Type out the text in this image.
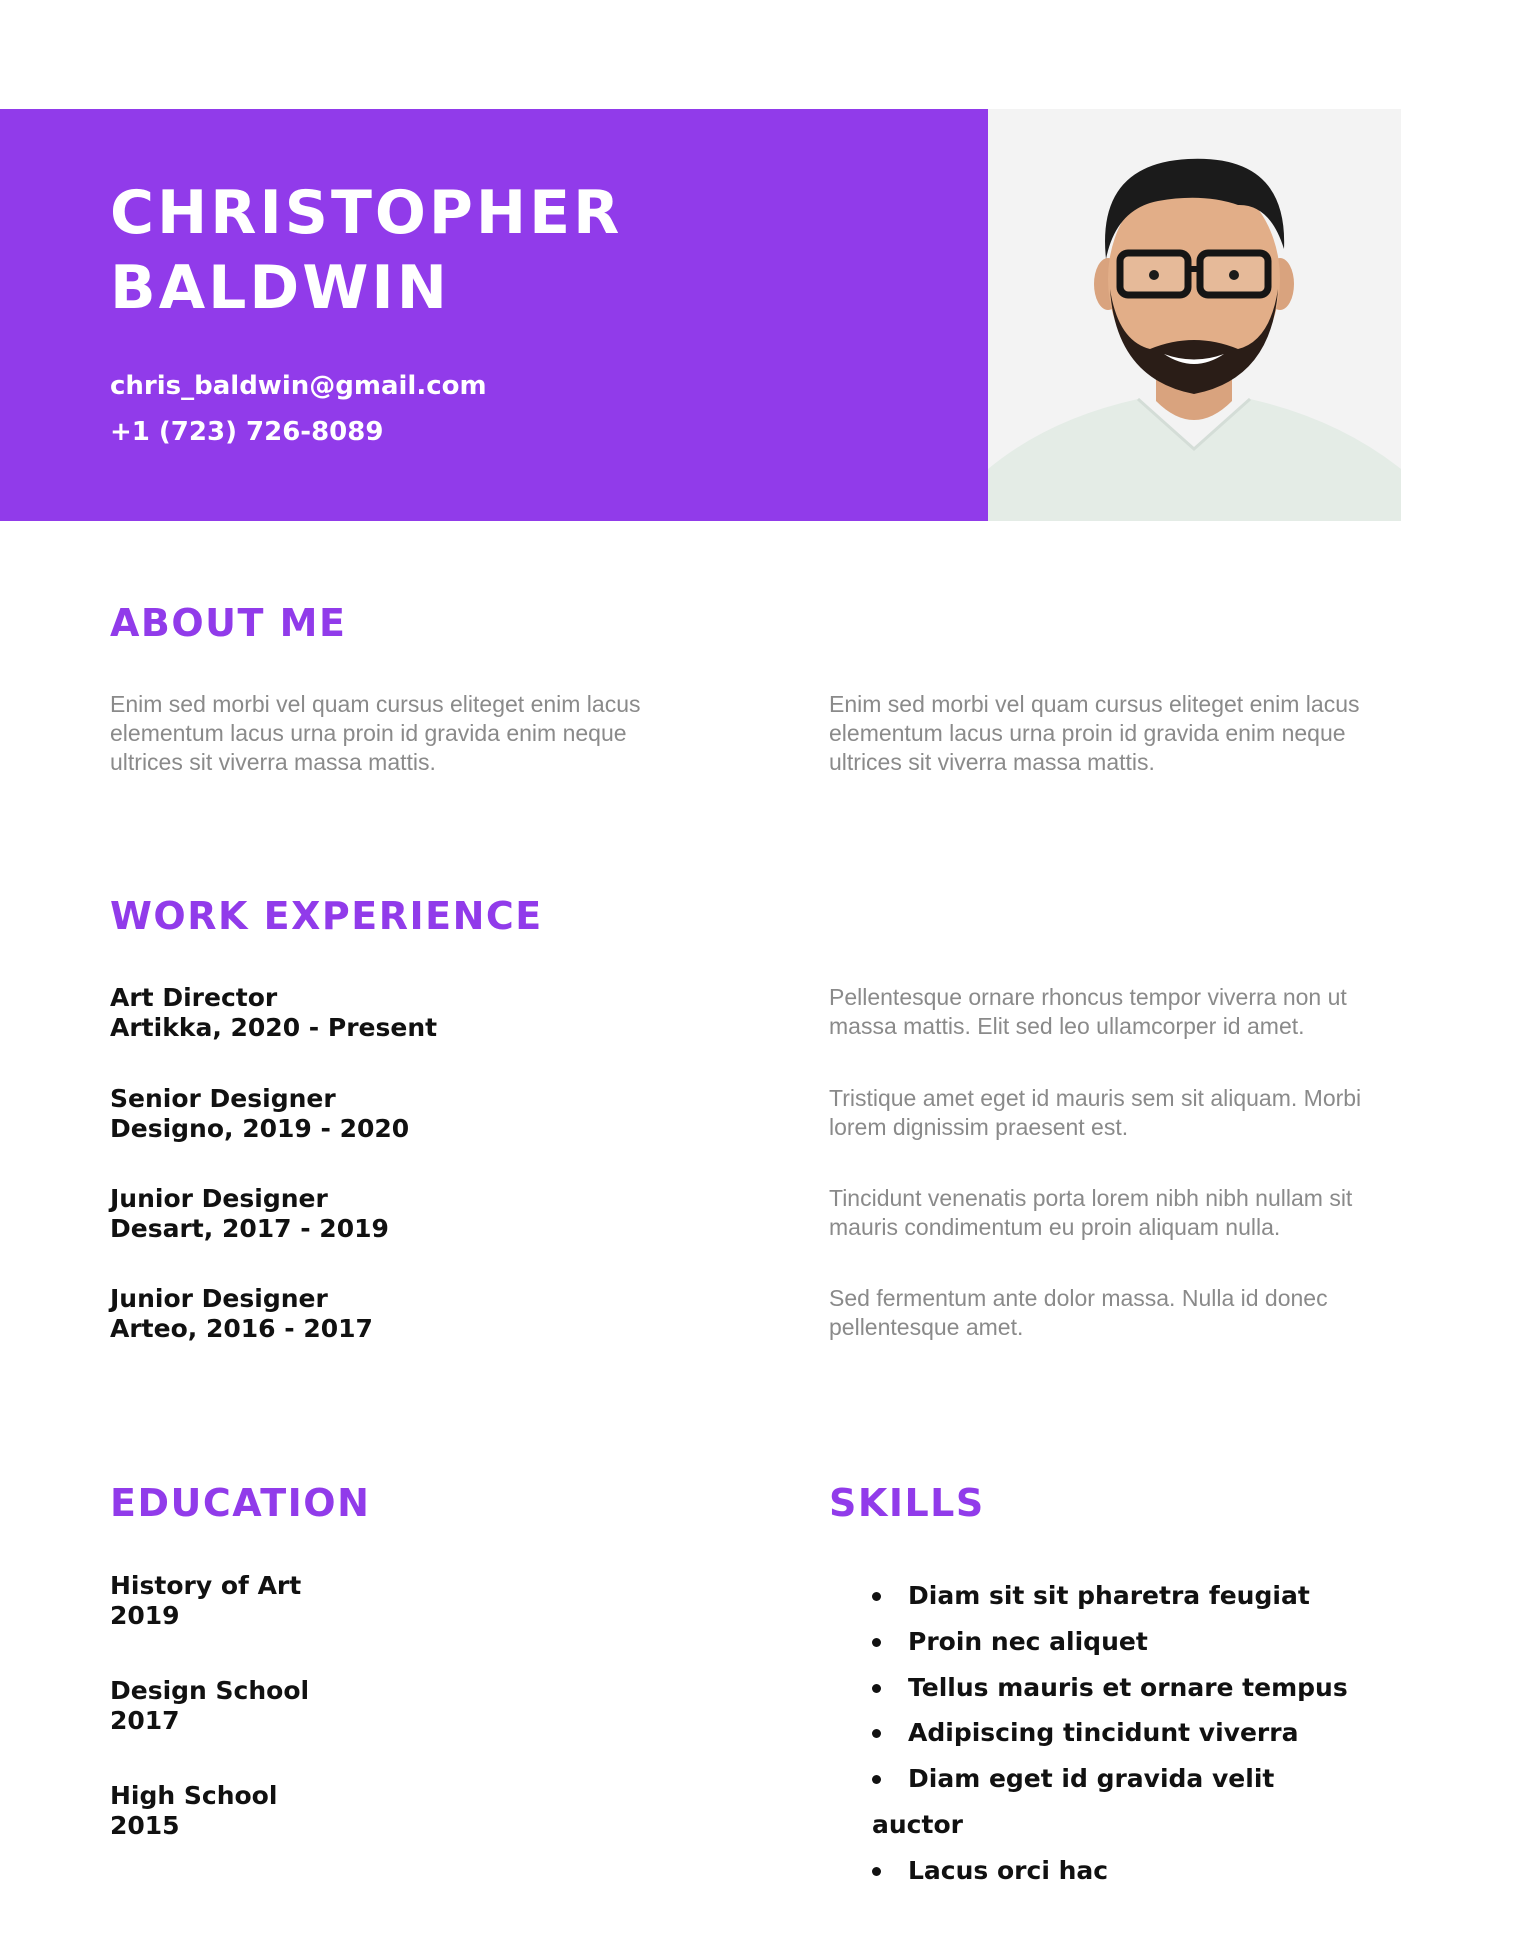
CHRISTOPHER
BALDWIN
chris_baldwin@gmail.com
+1 (723) 726-8089
ABOUT ME
Enim sed morbi vel quam cursus eliteget enim lacus elementum lacus urna proin id gravida enim neque ultrices sit viverra massa mattis.
Enim sed morbi vel quam cursus eliteget enim lacus elementum lacus urna proin id gravida enim neque ultrices sit viverra massa mattis.
WORK EXPERIENCE
Art Director
Artikka, 2020 - Present
Pellentesque ornare rhoncus tempor viverra non ut massa mattis. Elit sed leo ullamcorper id amet.
Senior Designer
Designo, 2019 - 2020
Tristique amet eget id mauris sem sit aliquam. Morbi lorem dignissim praesent est.
Junior Designer
Desart, 2017 - 2019
Tincidunt venenatis porta lorem nibh nibh nullam sit mauris condimentum eu proin aliquam nulla.
Junior Designer
Arteo, 2016 - 2017
Sed fermentum ante dolor massa. Nulla id donec pellentesque amet.
EDUCATION
History of Art
2019
Design School
2017
High School
2015
SKILLS
Diam sit sit pharetra feugiat
Proin nec aliquet
Tellus mauris et ornare tempus
Adipiscing tincidunt viverra
Diam eget id gravida velit
auctor
Lacus orci hac
